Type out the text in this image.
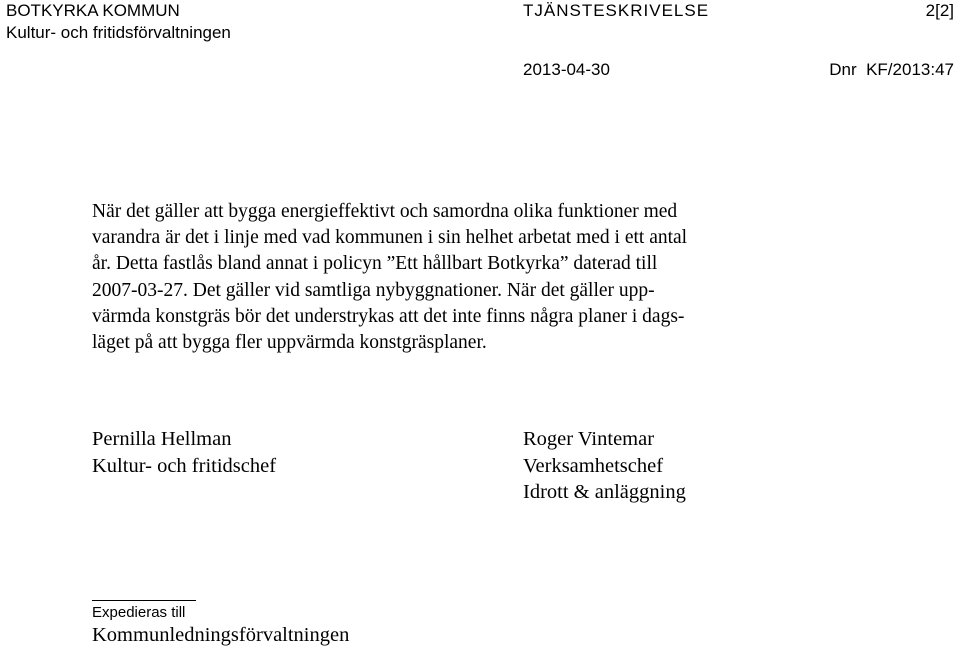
BOTKYRKA KOMMUN
Kultur- och fritidsförvaltningen
TJÄNSTESKRIVELSE	2[2]
2013-04-30	Dnr  KF/2013:47
När det gäller att bygga energieffektivt och samordna olika funktioner med
varandra är det i linje med vad kommunen i sin helhet arbetat med i ett antal
år. Detta fastlås bland annat i policyn ”Ett hållbart Botkyrka” daterad till
2007-03-27. Det gäller vid samtliga nybyggnationer. När det gäller upp-
värmda konstgräs bör det understrykas att det inte finns några planer i dags-
läget på att bygga fler uppvärmda konstgräsplaner.
Pernilla Hellman
Kultur- och fritidschef
Roger Vintemar
Verksamhetschef
Idrott & anläggning
Expedieras till
Kommunledningsförvaltningen
